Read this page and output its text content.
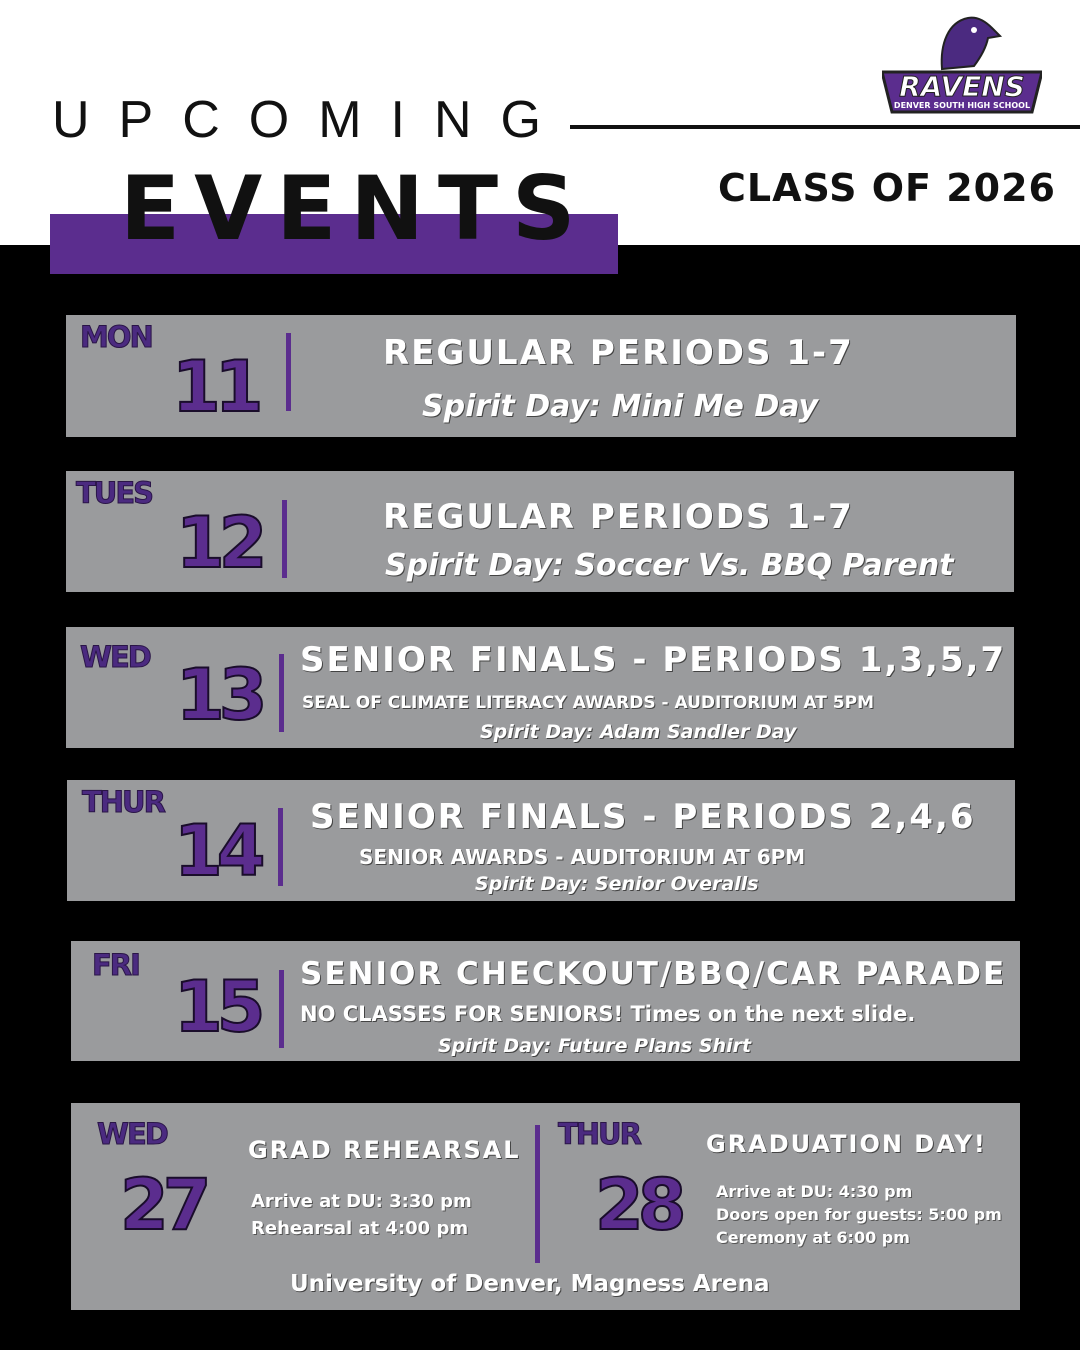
UPCOMING
EVENTS	CLASS OF 2026
RAVENS
DENVER SOUTH HIGH SCHOOL
MON
11	REGULAR PERIODS 1-7
Spirit Day: Mini Me Day
TUES
12	REGULAR PERIODS 1-7
Spirit Day: Soccer Vs. BBQ Parent
WED 13 SENIOR FINALS - PERIODS 1,3,5,7
SEAL OF CLIMATE LITERACY AWARDS - AUDITORIUM AT 5PM
Spirit Day: Adam Sandler Day
THUR
14 SENIOR FINALS - PERIODS 2,4,6
SENIOR AWARDS - AUDITORIUM AT 6PM
Spirit Day: Senior Overalls
FRI
15 SENIOR CHECKOUT/BBQ/CAR PARADE
NO CLASSES FOR SENIORS! Times on the next slide.
Spirit Day: Future Plans Shirt
WED
27
GRAD REHEARSAL
Arrive at DU: 3:30 pm
Rehearsal at 4:00 pm
THUR
28
GRADUATION DAY!
Arrive at DU: 4:30 pm
Doors open for guests: 5:00 pm
Ceremony at 6:00 pm
University of Denver, Magness Arena
